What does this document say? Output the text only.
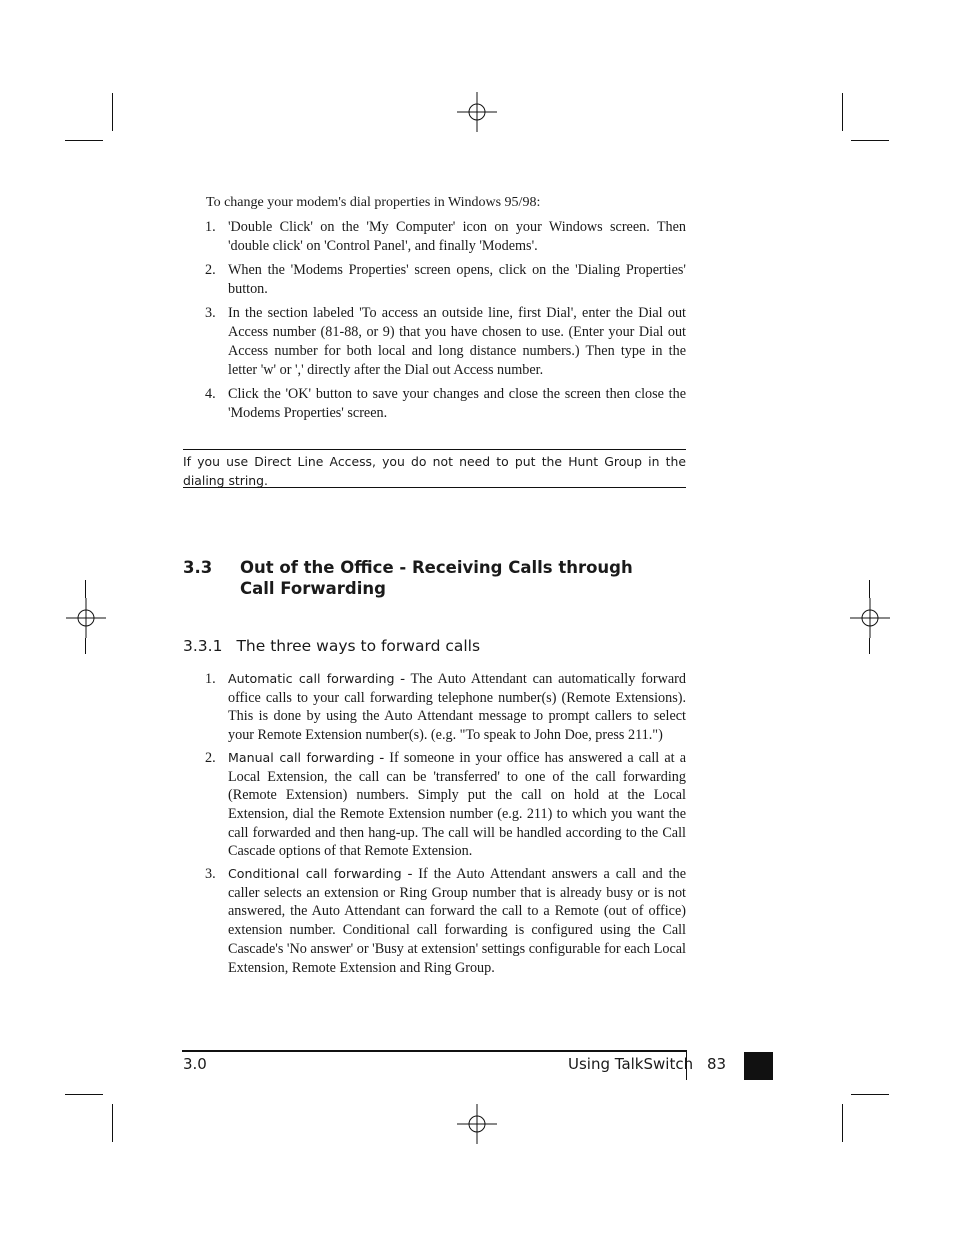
To change your modem's dial properties in Windows 95/98:
1. 'Double Click' on the 'My Computer' icon on your Windows screen. Then 'double click' on 'Control Panel', and finally 'Modems'.
2. When the 'Modems Properties' screen opens, click on the 'Dialing Properties' button.
3. In the section labeled 'To access an outside line, first Dial', enter the Dial out Access number (81-88, or 9) that you have chosen to use. (Enter your Dial out Access number for both local and long distance numbers.) Then type in the letter 'w' or ',' directly after the Dial out Access number.
4. Click the 'OK' button to save your changes and close the screen then close the 'Modems Properties' screen.
If you use Direct Line Access, you do not need to put the Hunt Group in the dialing string.
3.3 Out of the Office - Receiving Calls through Call Forwarding
3.3.1 The three ways to forward calls
1. Automatic call forwarding - The Auto Attendant can automatically forward office calls to your call forwarding telephone number(s) (Remote Extensions). This is done by using the Auto Attendant message to prompt callers to select your Remote Extension number(s). (e.g. "To speak to John Doe, press 211.")
2. Manual call forwarding - If someone in your office has answered a call at a Local Extension, the call can be 'transferred' to one of the call forwarding (Remote Extension) numbers. Simply put the call on hold at the Local Extension, dial the Remote Extension number (e.g. 211) to which you want the call forwarded and then hang-up. The call will be handled according to the Call Cascade options of that Remote Extension.
3. Conditional call forwarding - If the Auto Attendant answers a call and the caller selects an extension or Ring Group number that is already busy or is not answered, the Auto Attendant can forward the call to a Remote (out of office) extension number. Conditional call forwarding is configured using the Call Cascade's 'No answer' or 'Busy at extension' settings configurable for each Local Extension, Remote Extension and Ring Group.
3.0	Using TalkSwitch 83
